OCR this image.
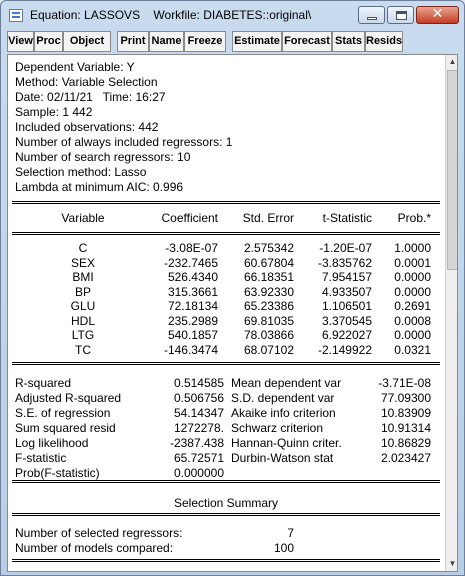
Equation: LASSOVS    Workfile: DIABETES::original\	✕
View Proc Object	Print Name Freeze	Estimate Forecast Stats Resids
Dependent Variable: Y
Method: Variable Selection
Date: 02/11/21   Time: 16:27
Sample: 1 442
Included observations: 442
Number of always included regressors: 1
Number of search regressors: 10
Selection method: Lasso
Lambda at minimum AIC: 0.996
Variable	Coefficient	Std. Error	t-Statistic	Prob.*
C	-3.08E-07	2.575342	-1.20E-07	1.0000
SEX	-232.7465	60.67804	-3.835762	0.0001
BMI	526.4340	66.18351	7.954157	0.0000
BP	315.3661	63.92330	4.933507	0.0000
GLU	72.18134	65.23386	1.106501	0.2691
HDL	235.2989	69.81035	3.370545	0.0008
LTG	540.1857	78.03866	6.922027	0.0000
TC	-146.3474	68.07102	-2.149922	0.0321
R-squared	0.514585 Mean dependent var	-3.71E-08
Adjusted R-squared	0.506756 S.D. dependent var	77.09300
S.E. of regression	54.14347 Akaike info criterion	10.83909
Sum squared resid	1272278. Schwarz criterion	10.91314
Log likelihood	-2387.438 Hannan-Quinn criter.	10.86829
F-statistic	65.72571 Durbin-Watson stat	2.023427
Prob(F-statistic)	0.000000
Selection Summary
Number of selected regressors:	7
Number of models compared:	100
▲
▼
